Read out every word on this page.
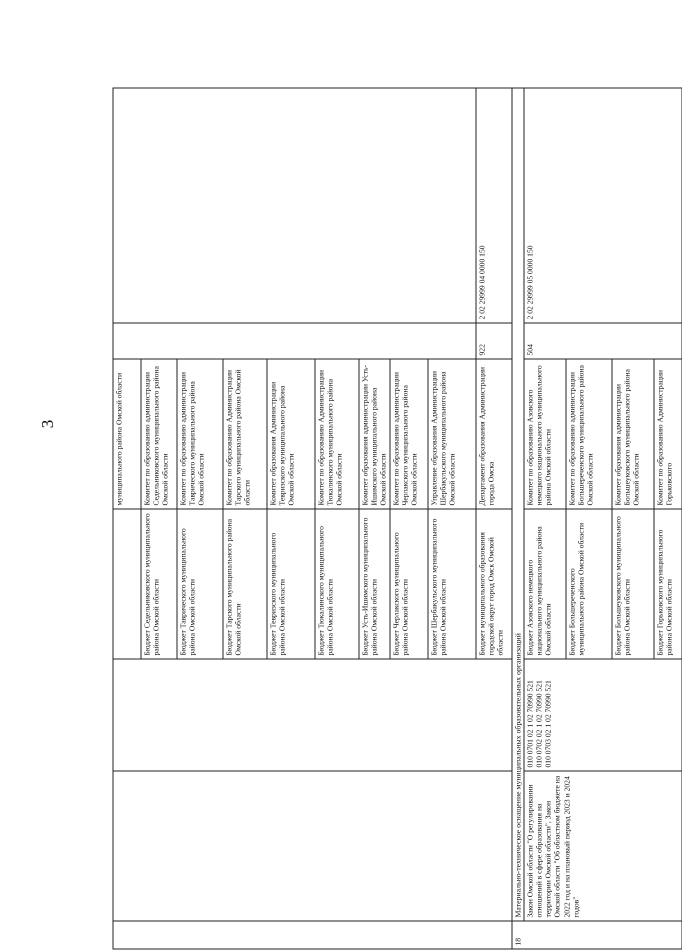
3
					муниципального района Омской области		
			Бюджет Седельниковского муниципального района Омской области	Комитет по образованию администрации Седельниковского муниципального района Омской области		
			Бюджет Таврического муниципального района Омской области	Комитет по образованию администрации Таврического муниципального района Омской области		
			Бюджет Тарского муниципального района Омской области	Комитет по образованию Администрации Тарского муниципального района Омской области		
			Бюджет Тевризского муниципального района Омской области	Комитет образования Администрации Тевризского муниципального района Омской области		
			Бюджет Тюкалинского муниципального района Омской области	Комитет по образованию Администрации Тюкалинского муниципального района Омской области		
			Бюджет Усть-Ишимского муниципального района Омской области	Комитет образования администрации Усть-Ишимского муниципального района Омской области		
			Бюджет Черлакского муниципального района Омской области	Комитет по образованию администрации Черлакского муниципального района Омской области		
			Бюджет Шербакульского муниципального района Омской области	Управление образования Администрации Шербакульского муниципального района Омской области		
			Бюджет муниципального образования городской округ город Омск Омской области	Департамент образования Администрации города Омска	922	2 02 29999 04 0000 150
18	Материально-техническое оснащение муниципальных образовательных организаций					
	Закон Омской области "О регулировании отношений в сфере образования на территории Омской области", Закон Омской области "Об областном бюджете на 2022 год и на плановый период 2023 и 2024 годов"	010 0701 02 1 02 70990 521 010 0702 02 1 02 70990 521 010 0703 02 1 02 70990 521	Бюджет Азовского немецкого национального муниципального района Омской области	Комитет по образованию Азовского немецкого национального муниципального района Омской области	504	2 02 29999 05 0000 150
			Бюджет Большереченского муниципального района Омской области	Комитет по образованию администрации Большереченского муниципального района Омской области		
			Бюджет Большеуковского муниципального района Омской области	Комитет образования администрации Большеуковского муниципального района Омской области		
			Бюджет Горьковского муниципального района Омской области	Комитет по образованию Администрации Горьковского		
